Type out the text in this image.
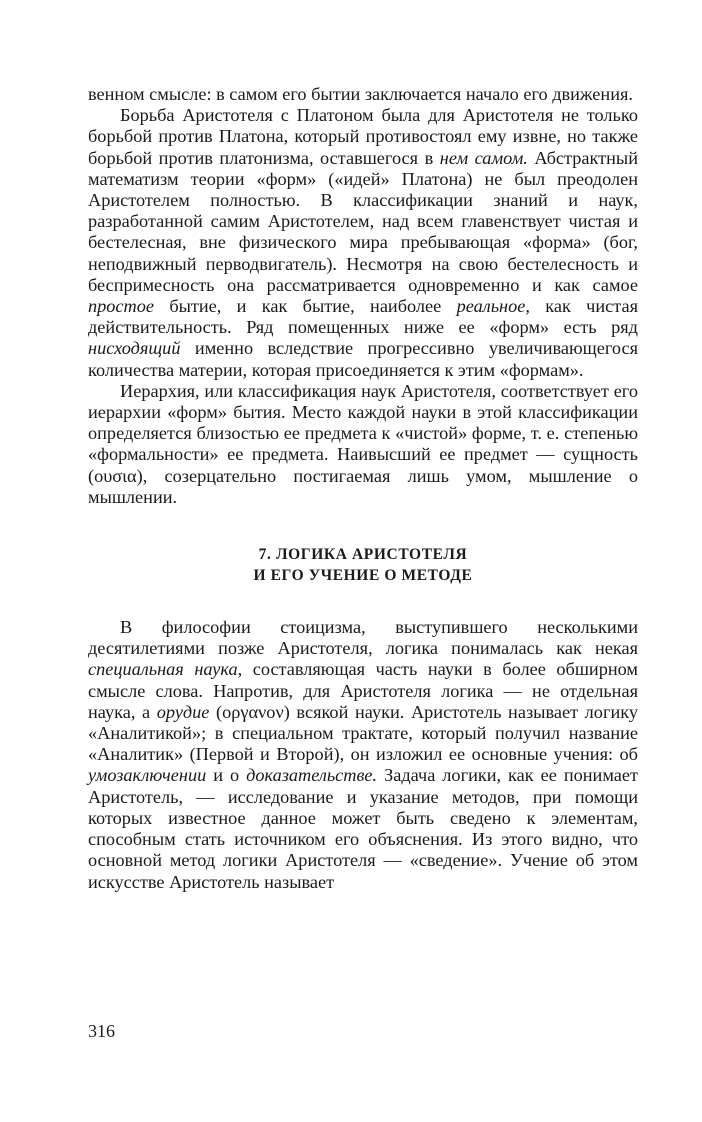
венном смысле: в самом его бытии заключается начало его движения.

Борьба Аристотеля с Платоном была для Аристотеля не только борьбой против Платона, который противостоял ему извне, но также борьбой против платонизма, оставшегося в нем самом. Абстрактный математизм теории «форм» («идей» Платона) не был преодолен Аристотелем полностью. В классификации знаний и наук, разработанной самим Аристотелем, над всем главенствует чистая и бестелесная, вне физического мира пребывающая «форма» (бог, неподвижный перводвигатель). Несмотря на свою бестелесность и беспримесность она рассматривается одновременно и как самое простое бытие, и как бытие, наиболее реальное, как чистая действительность. Ряд помещенных ниже ее «форм» есть ряд нисходящий именно вследствие прогрессивно увеличивающегося количества материи, которая присоединяется к этим «формам».

Иерархия, или классификация наук Аристотеля, соответствует его иерархии «форм» бытия. Место каждой науки в этой классификации определяется близостью ее предмета к «чистой» форме, т. е. степенью «формальности» ее предмета. Наивысший ее предмет — сущность (ουσια), созерцательно постигаемая лишь умом, мышление о мышлении.

7. ЛОГИКА АРИСТОТЕЛЯ
И ЕГО УЧЕНИЕ О МЕТОДЕ

В философии стоицизма, выступившего несколькими десятилетиями позже Аристотеля, логика понималась как некая специальная наука, составляющая часть науки в более обширном смысле слова. Напротив, для Аристотеля логика — не отдельная наука, а орудие (οργανον) всякой науки. Аристотель называет логику «Аналитикой»; в специальном трактате, который получил название «Аналитик» (Первой и Второй), он изложил ее основные учения: об умозаключении и о доказательстве. Задача логики, как ее понимает Аристотель, — исследование и указание методов, при помощи которых известное данное может быть сведено к элементам, способным стать источником его объяснения. Из этого видно, что основной метод логики Аристотеля — «сведение». Учение об этом искусстве Аристотель называет

316
